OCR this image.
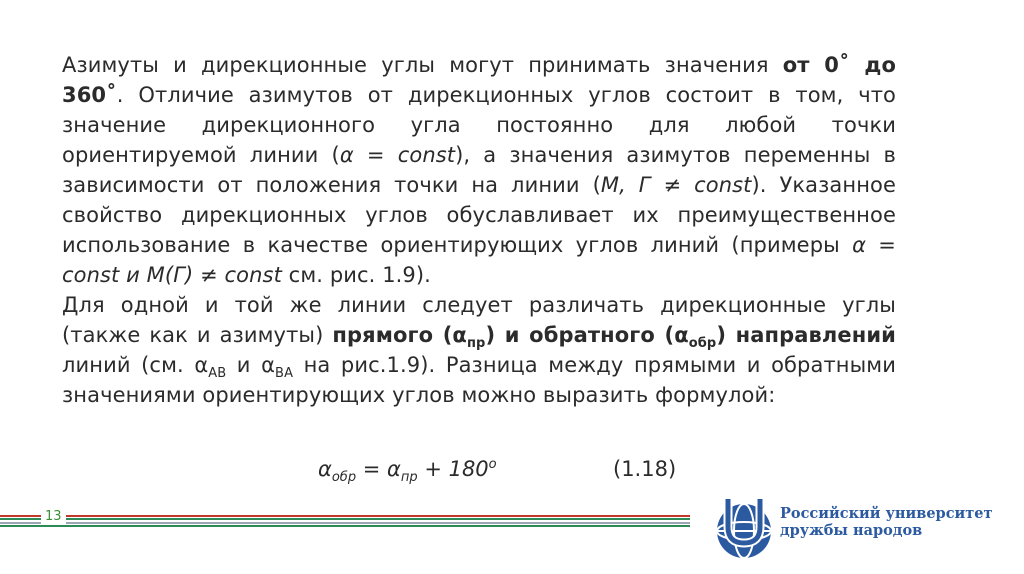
Азимуты и дирекционные углы могут принимать значения от 0˚ до 360˚. Отличие азимутов от дирекционных углов состоит в том, что значение дирекционного угла постоянно для любой точки ориентируемой линии (α = const), а значения азимутов переменны в зависимости от положения точки на линии (М, Г ≠ const). Указанное свойство дирекционных углов обуславливает их преимущественное использование в качестве ориентирующих углов линий (примеры α = const и М(Г) ≠ const см. рис. 1.9).

Для одной и той же линии следует различать дирекционные углы (также как и азимуты) прямого $(\alpha_{пр})$ и обратного $(\alpha_{обр})$ направлений линий (см. $\alpha_{АВ}$ и $\alpha_{ВА}$ на рис.1.9). Разница между прямыми и обратными значениями ориентирующих углов можно выразить формулой:

$\alpha_{обр} = \alpha_{пр} + 180^о$	(1.18)
13	Российский университет
дружбы народов
